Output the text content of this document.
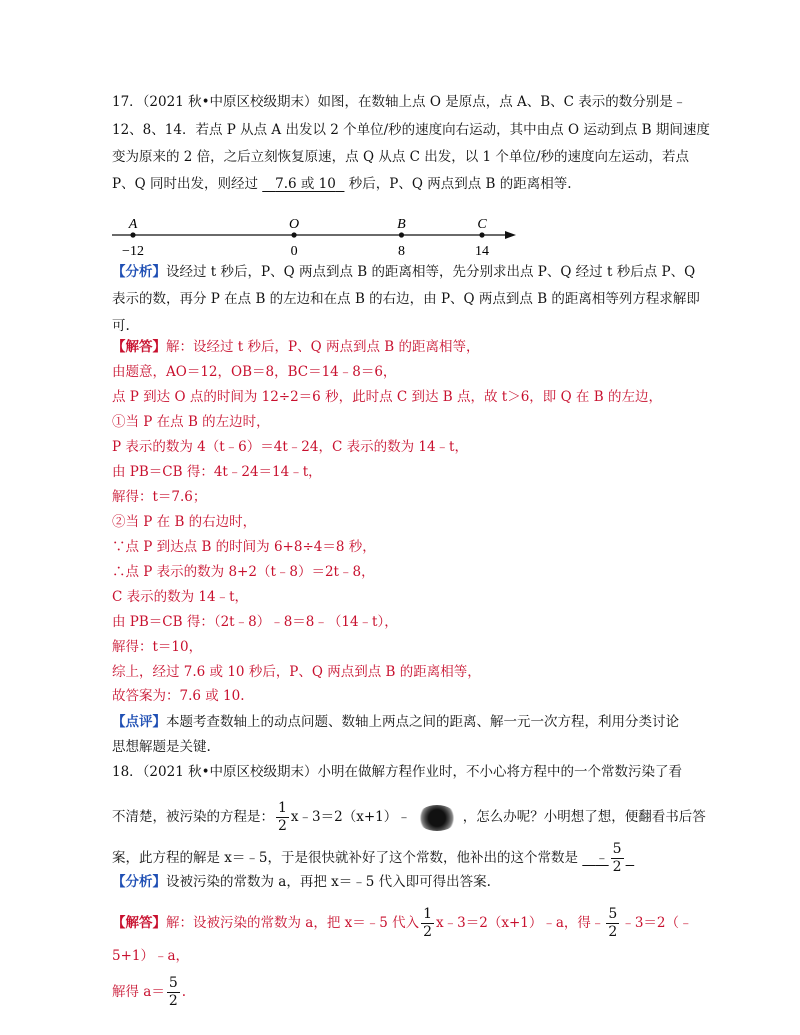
17．（2021 秋•中原区校级期末）如图，在数轴上点 O 是原点，点 A、B、C 表示的数分别是﹣
12、8、14．若点 P 从点 A 出发以 2 个单位/秒的速度向右运动，其中由点 O 运动到点 B 期间速度
变为原来的 2 倍，之后立刻恢复原速，点 Q 从点 C 出发，以 1 个单位/秒的速度向左运动，若点
P、Q 同时出发，则经过 7.6 或 10 秒后，P、Q 两点到点 B 的距离相等.
A
−12
O
0
B
8
C
14
【分析】设经过 t 秒后，P、Q 两点到点 B 的距离相等，先分别求出点 P、Q 经过 t 秒后点 P、Q
表示的数，再分 P 在点 B 的左边和在点 B 的右边，由 P、Q 两点到点 B 的距离相等列方程求解即
可.
【解答】解：设经过 t 秒后，P、Q 两点到点 B 的距离相等，
由题意，AO＝12，OB＝8，BC＝14﹣8＝6，
点 P 到达 O 点的时间为 12÷2＝6 秒，此时点 C 到达 B 点，故 t＞6，即 Q 在 B 的左边，
①当 P 在点 B 的左边时，
P 表示的数为 4（t﹣6）＝4t﹣24，C 表示的数为 14﹣t，
由 PB＝CB 得：4t﹣24＝14﹣t，
解得：t＝7.6；
②当 P 在 B 的右边时，
∵点 P 到达点 B 的时间为 6+8÷4＝8 秒，
∴点 P 表示的数为 8+2（t﹣8）＝2t﹣8，
C 表示的数为 14﹣t，
由 PB＝CB 得：（2t﹣8）﹣8＝8﹣（14﹣t），
解得：t＝10，
综上，经过 7.6 或 10 秒后，P、Q 两点到点 B 的距离相等，
故答案为：7.6 或 10.
【点评】本题考查数轴上的动点问题、数轴上两点之间的距离、解一元一次方程，利用分类讨论
思想解题是关键.
18．（2021 秋•中原区校级期末）小明在做解方程作业时，不小心将方程中的一个常数污染了看
不清楚，被污染的方程是： $\frac{1}{2}$ x﹣3＝2（x+1）﹣	，怎么办呢？小明想了想，便翻看书后答
案，此方程的解是 x＝﹣5，于是很快就补好了这个常数，他补出的这个常数是 ﹣ $\frac{5}{2}$

【分析】设被污染的常数为 a，再把 x＝﹣5 代入即可得出答案.
【解答】解：设被污染的常数为 a，把 x＝﹣5 代入 $\frac{1}{2}$ x﹣3＝2（x+1）﹣a，得﹣ $\frac{5}{2}$ ﹣3＝2（﹣
5+1）﹣a，
解得 $a= \frac{5}{2}$ .
